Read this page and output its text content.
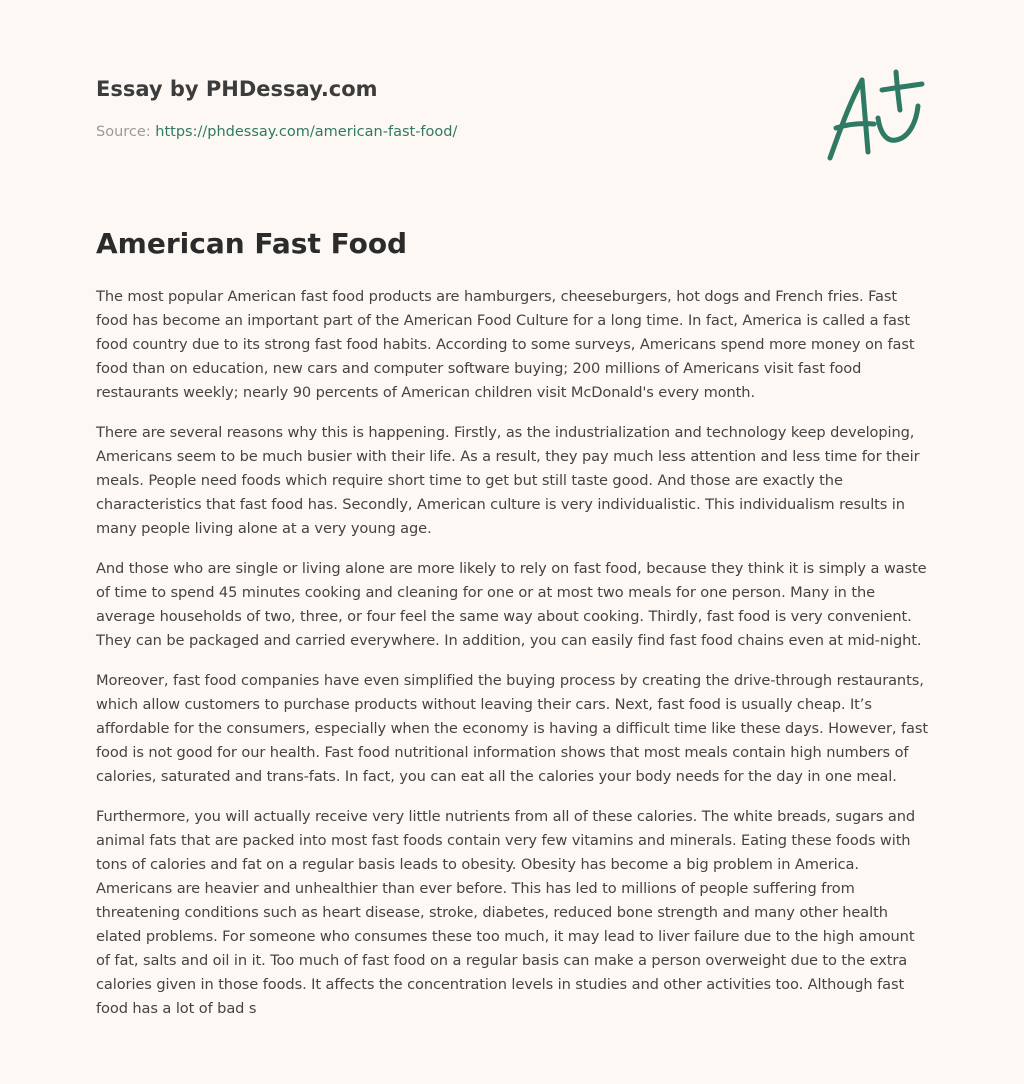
Essay by PHDessay.com

Source: https://phdessay.com/american-fast-food/
American Fast Food

The most popular American fast food products are hamburgers, cheeseburgers, hot dogs and French fries. Fast food has become an important part of the American Food Culture for a long time. In fact, America is called a fast food country due to its strong fast food habits. According to some surveys, Americans spend more money on fast food than on education, new cars and computer software buying; 200 millions of Americans visit fast food restaurants weekly; nearly 90 percents of American children visit McDonald's every month.

There are several reasons why this is happening. Firstly, as the industrialization and technology keep developing, Americans seem to be much busier with their life. As a result, they pay much less attention and less time for their meals. People need foods which require short time to get but still taste good. And those are exactly the characteristics that fast food has. Secondly, American culture is very individualistic. This individualism results in many people living alone at a very young age.

And those who are single or living alone are more likely to rely on fast food, because they think it is simply a waste of time to spend 45 minutes cooking and cleaning for one or at most two meals for one person. Many in the average households of two, three, or four feel the same way about cooking. Thirdly, fast food is very convenient. They can be packaged and carried everywhere. In addition, you can easily find fast food chains even at mid-night.

Moreover, fast food companies have even simplified the buying process by creating the drive-through restaurants, which allow customers to purchase products without leaving their cars. Next, fast food is usually cheap. It’s affordable for the consumers, especially when the economy is having a difficult time like these days. However, fast food is not good for our health. Fast food nutritional information shows that most meals contain high numbers of calories, saturated and trans-fats. In fact, you can eat all the calories your body needs for the day in one meal.

Furthermore, you will actually receive very little nutrients from all of these calories. The white breads, sugars and animal fats that are packed into most fast foods contain very few vitamins and minerals. Eating these foods with tons of calories and fat on a regular basis leads to obesity. Obesity has become a big problem in America. Americans are heavier and unhealthier than ever before. This has led to millions of people suffering from threatening conditions such as heart disease, stroke, diabetes, reduced bone strength and many other health elated problems. For someone who consumes these too much, it may lead to liver failure due to the high amount of fat, salts and oil in it. Too much of fast food on a regular basis can make a person overweight due to the extra calories given in those foods. It affects the concentration levels in studies and other activities too. Although fast food has a lot of bad s
